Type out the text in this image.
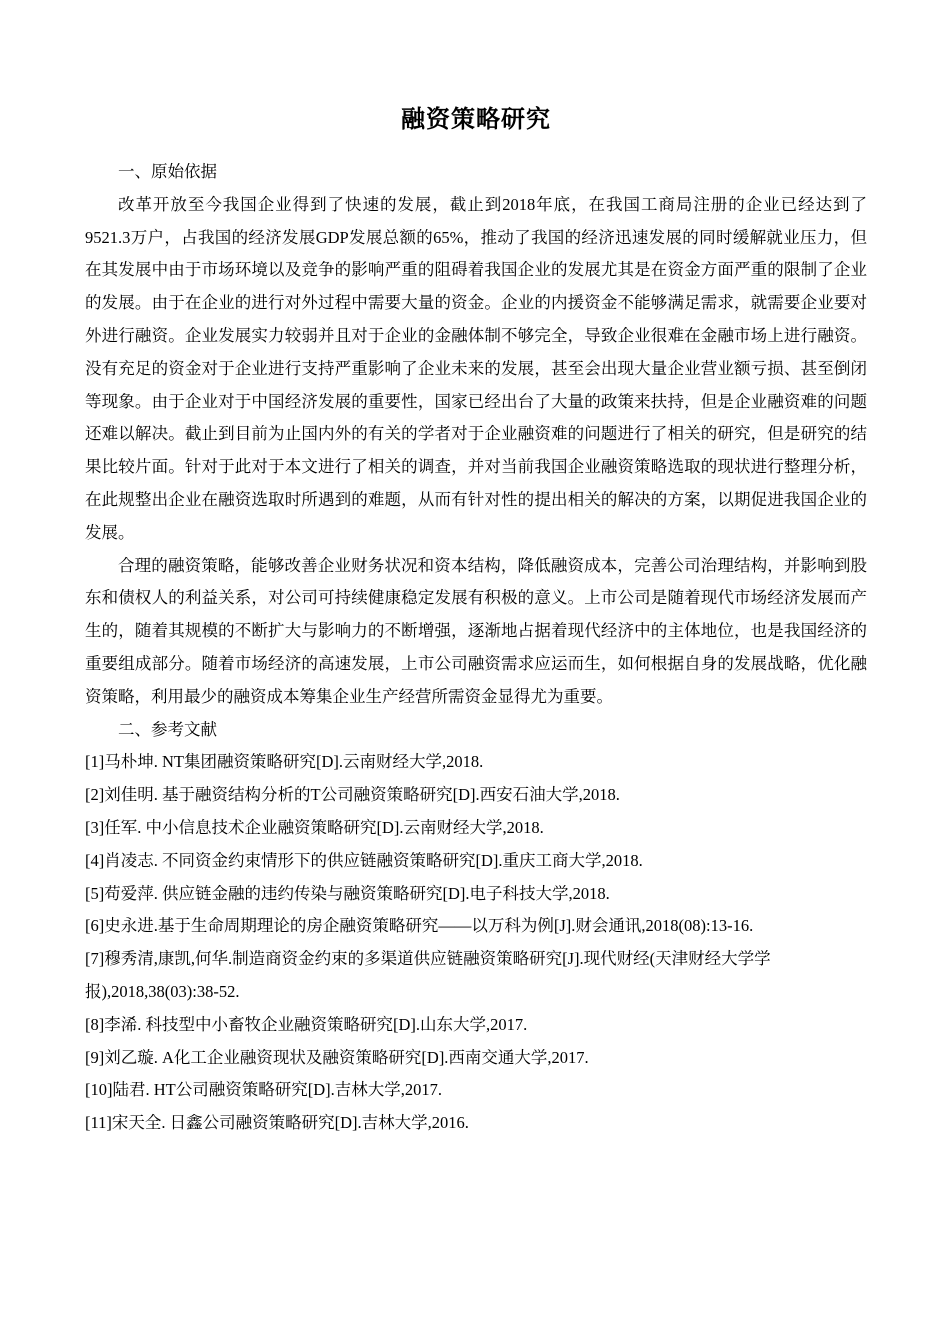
融资策略研究

一、原始依据

改革开放至今我国企业得到了快速的发展，截止到2018年底，在我国工商局注册的企业已经达到了9521.3万户，占我国的经济发展GDP发展总额的65%，推动了我国的经济迅速发展的同时缓解就业压力，但在其发展中由于市场环境以及竞争的影响严重的阻碍着我国企业的发展尤其是在资金方面严重的限制了企业的发展。由于在企业的进行对外过程中需要大量的资金。企业的内援资金不能够满足需求，就需要企业要对外进行融资。企业发展实力较弱并且对于企业的金融体制不够完全，导致企业很难在金融市场上进行融资。没有充足的资金对于企业进行支持严重影响了企业未来的发展，甚至会出现大量企业营业额亏损、甚至倒闭等现象。由于企业对于中国经济发展的重要性，国家已经出台了大量的政策来扶持，但是企业融资难的问题还难以解决。截止到目前为止国内外的有关的学者对于企业融资难的问题进行了相关的研究，但是研究的结果比较片面。针对于此对于本文进行了相关的调查，并对当前我国企业融资策略选取的现状进行整理分析，在此规整出企业在融资选取时所遇到的难题，从而有针对性的提出相关的解决的方案，以期促进我国企业的发展。

合理的融资策略，能够改善企业财务状况和资本结构，降低融资成本，完善公司治理结构，并影响到股东和债权人的利益关系，对公司可持续健康稳定发展有积极的意义。上市公司是随着现代市场经济发展而产生的，随着其规模的不断扩大与影响力的不断增强，逐渐地占据着现代经济中的主体地位，也是我国经济的重要组成部分。随着市场经济的高速发展，上市公司融资需求应运而生，如何根据自身的发展战略，优化融资策略，利用最少的融资成本筹集企业生产经营所需资金显得尤为重要。

二、参考文献

[1]马朴坤. NT集团融资策略研究[D].云南财经大学,2018.
[2]刘佳明. 基于融资结构分析的T公司融资策略研究[D].西安石油大学,2018.
[3]任军. 中小信息技术企业融资策略研究[D].云南财经大学,2018.
[4]肖凌志. 不同资金约束情形下的供应链融资策略研究[D].重庆工商大学,2018.
[5]苟爱萍. 供应链金融的违约传染与融资策略研究[D].电子科技大学,2018.
[6]史永进.基于生命周期理论的房企融资策略研究——以万科为例[J].财会通讯,2018(08):13-16.
[7]穆秀清,康凯,何华.制造商资金约束的多渠道供应链融资策略研究[J].现代财经(天津财经大学学报),2018,38(03):38-52.
[8]李浠. 科技型中小畜牧企业融资策略研究[D].山东大学,2017.
[9]刘乙璇. A化工企业融资现状及融资策略研究[D].西南交通大学,2017.
[10]陆君. HT公司融资策略研究[D].吉林大学,2017.
[11]宋天全. 日鑫公司融资策略研究[D].吉林大学,2016.
